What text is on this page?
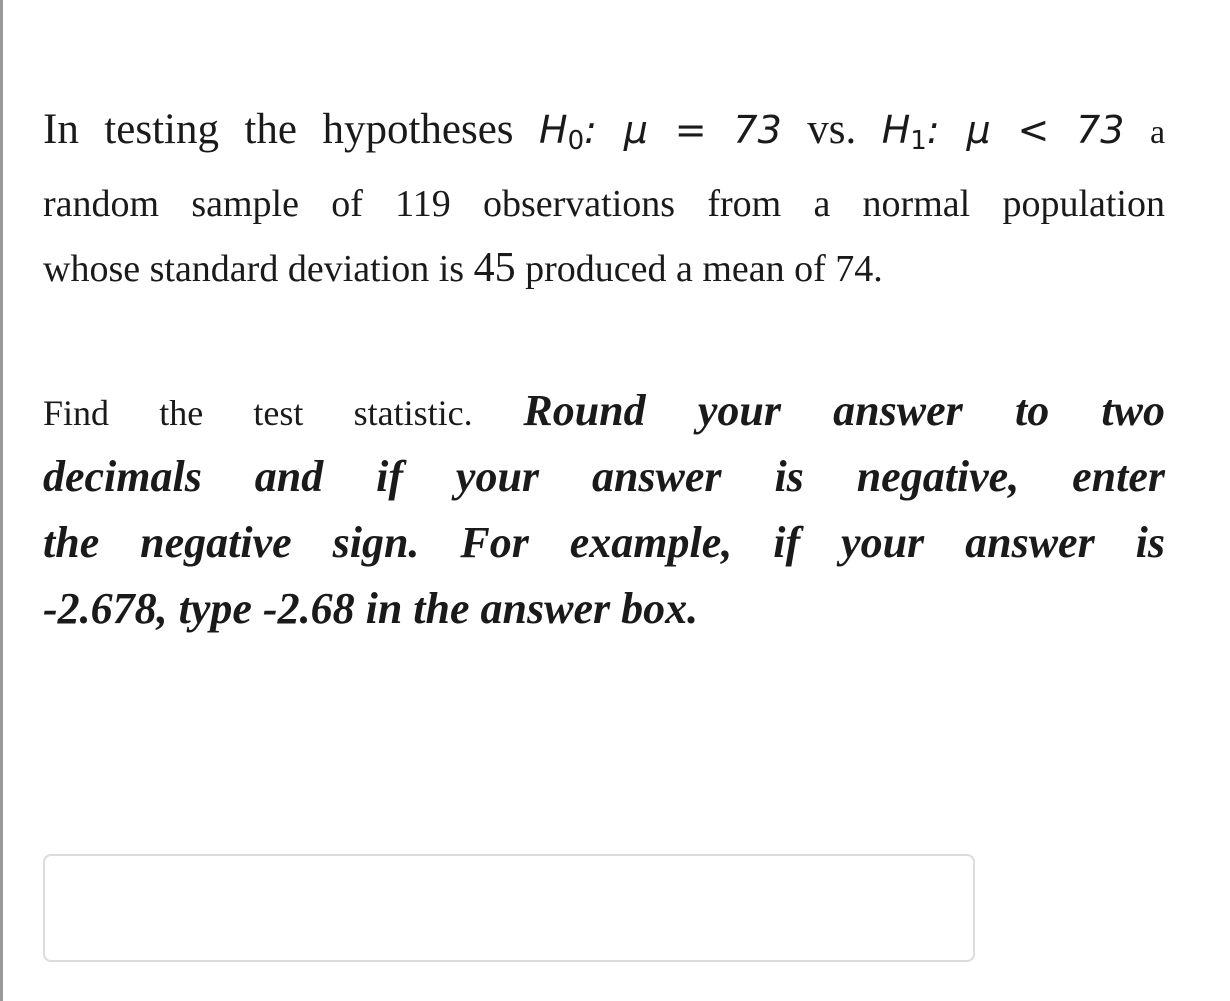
In testing the hypotheses $H_0$: μ = 73 vs. $H_1$: μ < 73 a
random sample of 119 observations from a normal population
whose standard deviation is 45 produced a mean of 74.

Find the test statistic. Round your answer to two
decimals and if your answer is negative, enter
the negative sign. For example, if your answer is
-2.678, type -2.68 in the answer box.
